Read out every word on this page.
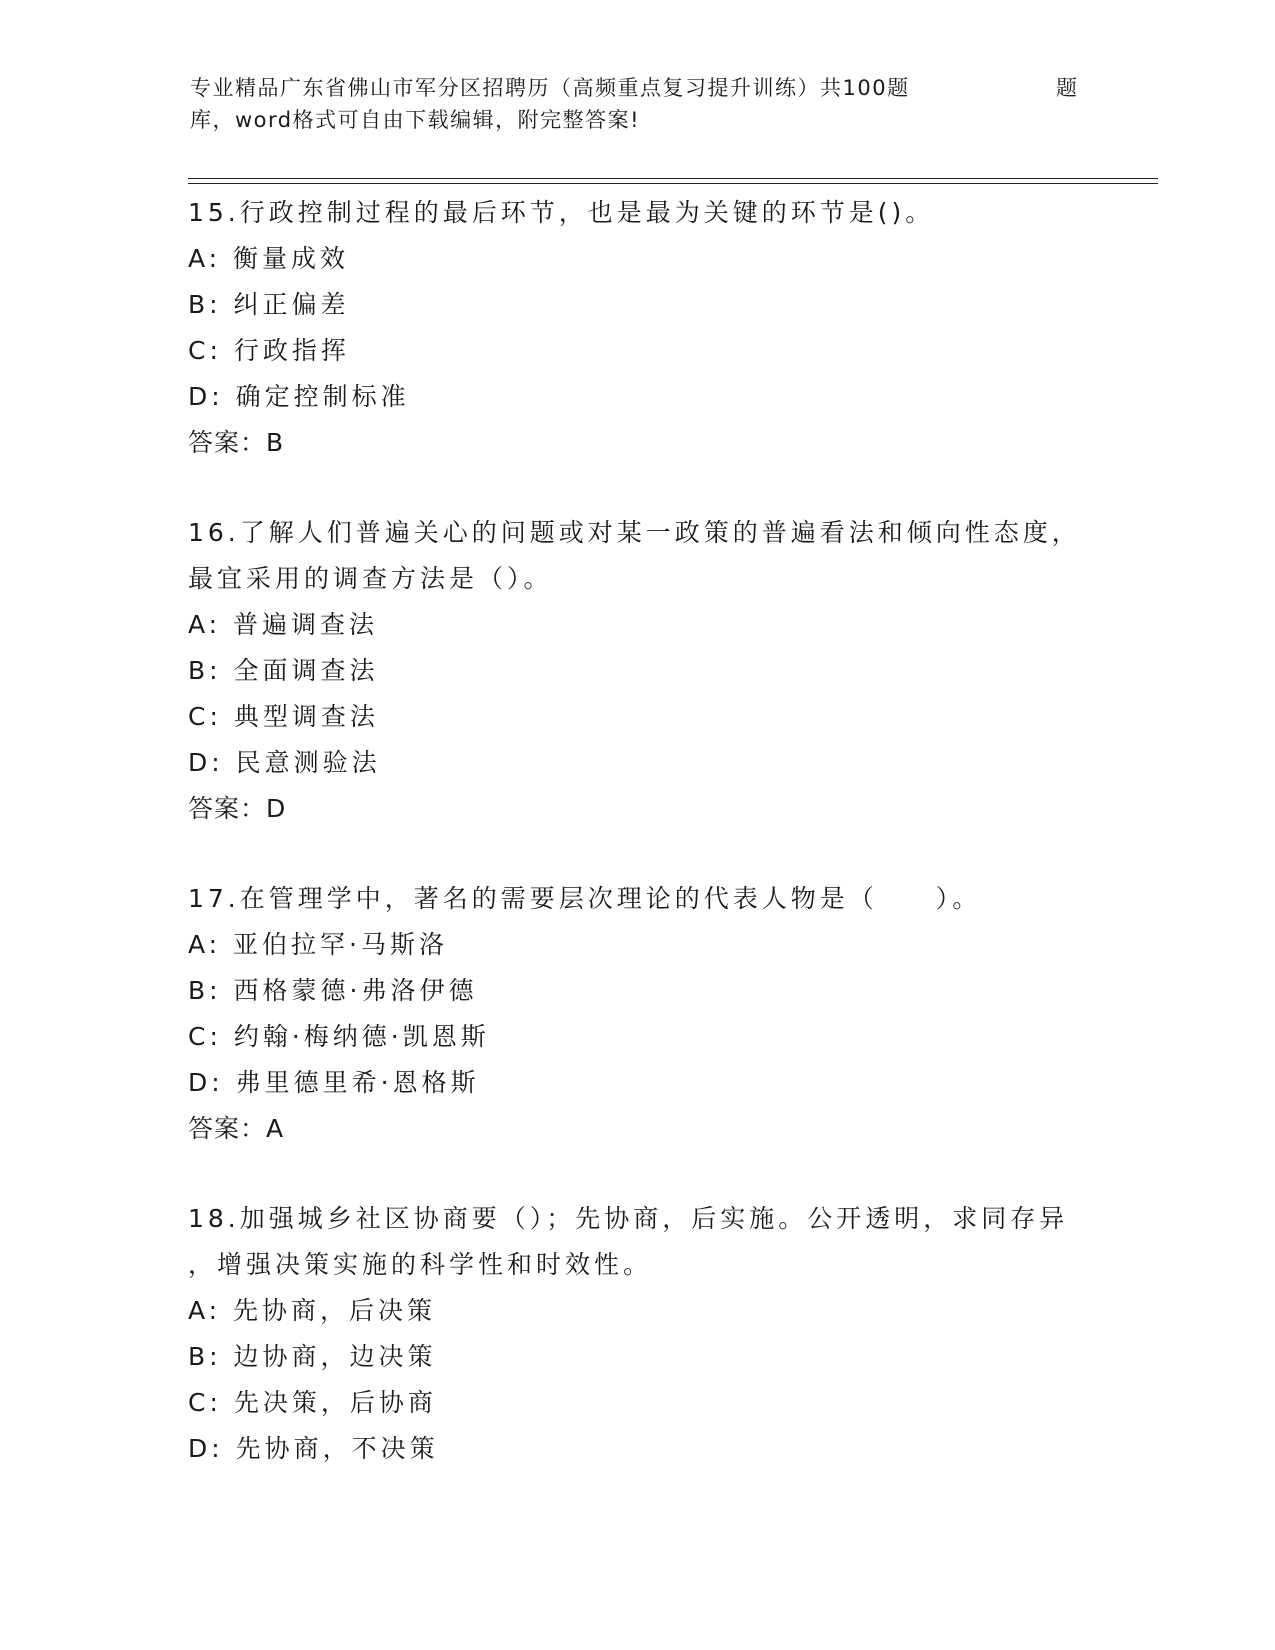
专业精品广东省佛山市军分区招聘历（高频重点复习提升训练）共100题	题
库，word格式可自由下载编辑，附完整答案!
15.行政控制过程的最后环节，也是最为关键的环节是()。
A: 衡量成效
B: 纠正偏差
C: 行政指挥
D: 确定控制标准
答案：B
16.了解人们普遍关心的问题或对某一政策的普遍看法和倾向性态度，
最宜采用的调查方法是（）。
A: 普遍调查法
B: 全面调查法
C: 典型调查法
D: 民意测验法
答案：D
17.在管理学中，著名的需要层次理论的代表人物是（　　）。
A: 亚伯拉罕·马斯洛
B: 西格蒙德·弗洛伊德
C: 约翰·梅纳德·凯恩斯
D: 弗里德里希·恩格斯
答案：A
18.加强城乡社区协商要（）；先协商，后实施。公开透明，求同存异
，增强决策实施的科学性和时效性。
A: 先协商，后决策
B: 边协商，边决策
C: 先决策，后协商
D: 先协商，不决策
